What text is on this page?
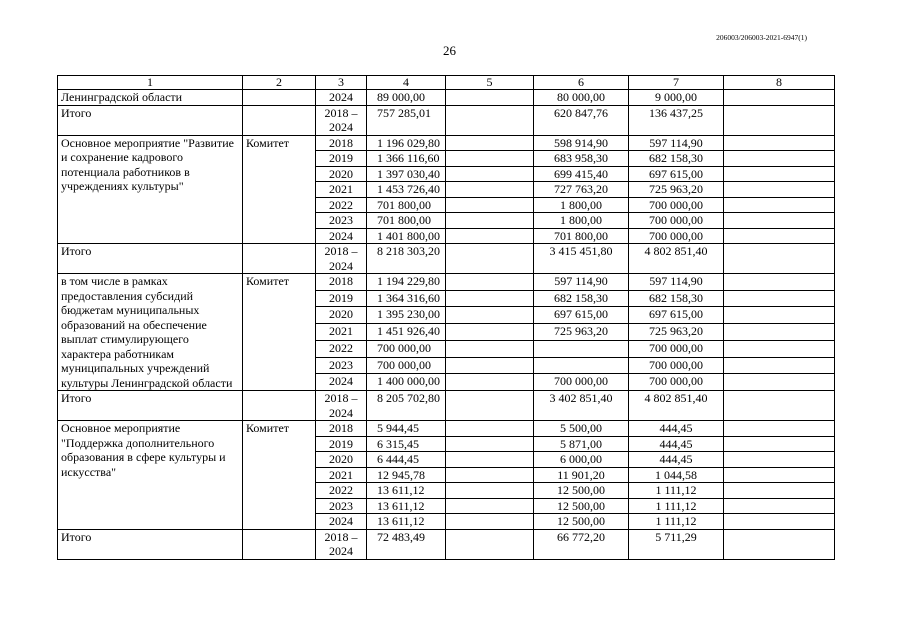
206003/206003-2021-6947(1)
26
1	2	3	4	5	6	7	8
Ленинградской области		2024	89 000,00		80 000,00	9 000,00	
Итого		2018 – 2024	757 285,01		620 847,76	136 437,25	
Основное мероприятие "Развитие и сохранение кадрового потенциала работников в учреждениях культуры"	Комитет	2018	1 196 029,80		598 914,90	597 114,90	
		2019	1 366 116,60		683 958,30	682 158,30	
		2020	1 397 030,40		699 415,40	697 615,00	
		2021	1 453 726,40		727 763,20	725 963,20	
		2022	701 800,00		1 800,00	700 000,00	
		2023	701 800,00		1 800,00	700 000,00	
		2024	1 401 800,00		701 800,00	700 000,00	
Итого		2018 – 2024	8 218 303,20		3 415 451,80	4 802 851,40	
в том числе в рамках предоставления субсидий бюджетам муниципальных образований на обеспечение выплат стимулирующего характера работникам муниципальных учреждений культуры Ленинградской области	Комитет	2018	1 194 229,80		597 114,90	597 114,90	
		2019	1 364 316,60		682 158,30	682 158,30	
		2020	1 395 230,00		697 615,00	697 615,00	
		2021	1 451 926,40		725 963,20	725 963,20	
		2022	700 000,00			700 000,00	
		2023	700 000,00			700 000,00	
		2024	1 400 000,00		700 000,00	700 000,00	
Итого		2018 – 2024	8 205 702,80		3 402 851,40	4 802 851,40	
Основное мероприятие "Поддержка дополнительного образования в сфере культуры и искусства"	Комитет	2018	5 944,45		5 500,00	444,45	
		2019	6 315,45		5 871,00	444,45	
		2020	6 444,45		6 000,00	444,45	
		2021	12 945,78		11 901,20	1 044,58	
		2022	13 611,12		12 500,00	1 111,12	
		2023	13 611,12		12 500,00	1 111,12	
		2024	13 611,12		12 500,00	1 111,12	
Итого		2018 – 2024	72 483,49		66 772,20	5 711,29	
